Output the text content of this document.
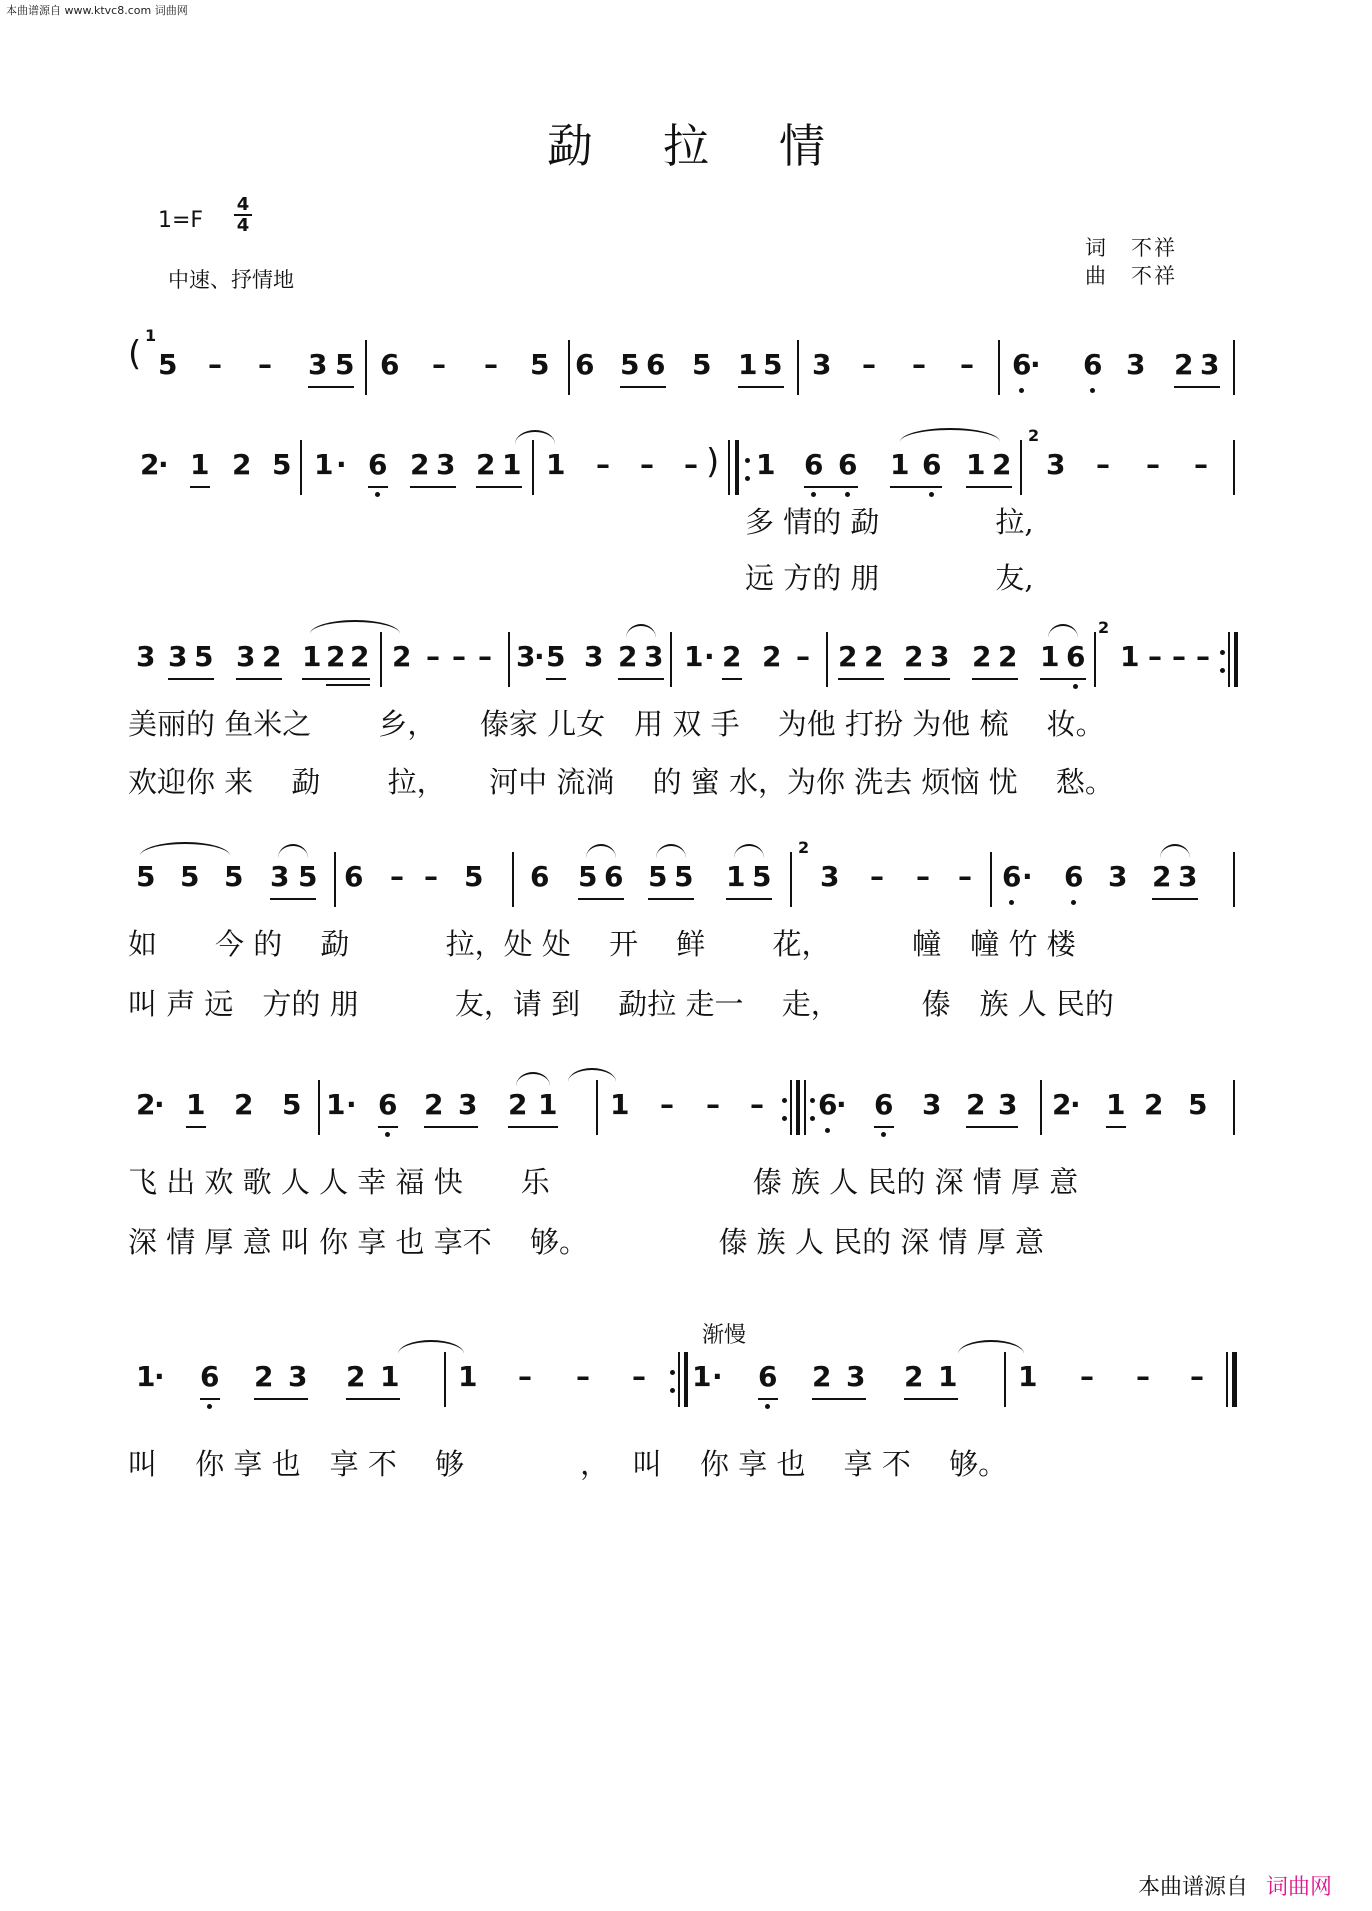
本曲谱源自 www.ktvc8.com 词曲网
勐拉情
1=F
4
4
中速、抒情地
词　不祥
曲　不祥
( 1
5 – – 3 5 6 – – 5 6 5 6 5 1 5 3 – – – 6
· 6 3 2 3
2
· 1 2 5 1 · 6 2 3 2 1 1 – – – ) 1 6 6 1 6 1 2
2
3 – – –
多 情的 勐　　　　拉,
远 方的 朋　　　　友,
3 3 5 3 2 1 2 2 2 – – – 3
· 5 3 2 3 1 · 2 2 – 2 2 2 3 2 2 1 6
2
1 – – –
美丽的 鱼米之　　 乡，　　傣家 儿女　用 双 手　 为他 打扮 为他 梳　 妆。
欢迎你 来　 勐　　 拉，　　河中 流淌　 的 蜜 水，为你 洗去 烦恼 忧　 愁。
5 5 5 3 5 6 – – 5 6 5 6 5 5 1 5
2
3 – – – 6 · 6 3 2 3
如　　今 的　 勐　　　 拉，处 处　 开　 鲜　　 花，　　　 幢　幢 竹 楼
叫 声 远　方的 朋　　　 友，请 到　 勐拉 走一　 走，　　　 傣　族 人 民的
2
· 1 2 5 1 · 6 2 3 2 1 1 – – – 6
· 6 3 2 3 2
· 1 2 5
飞 出 欢 歌 人 人 幸 福 快　　乐　　　　　　　傣 族 人 民的 深 情 厚 意
深 情 厚 意 叫 你 享 也 享不　 够。　　　　　傣 族 人 民的 深 情 厚 意
渐慢
1
· 6 2 3 2 1 1 – – – 1 · 6 2 3 2 1 1 – – –
叫　 你 享 也　享 不　 够　　　　，　 叫　 你 享 也　 享 不　 够。
本曲谱源自 词曲网
